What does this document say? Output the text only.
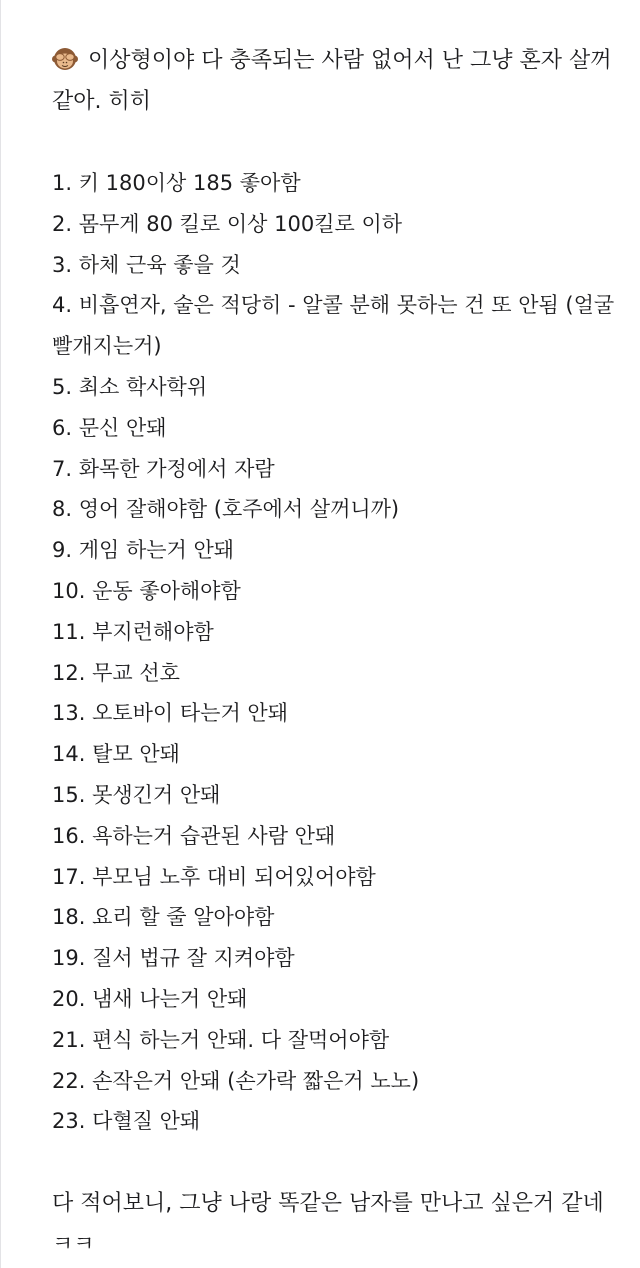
이상형이야 다 충족되는 사람 없어서 난 그냥 혼자 살꺼 같아. 히히

1. 키 180이상 185 좋아함
2. 몸무게 80 킬로 이상 100킬로 이하
3. 하체 근육 좋을 것
4. 비흡연자, 술은 적당히 - 알콜 분해 못하는 건 또 안됨 (얼굴 빨개지는거)
5. 최소 학사학위
6. 문신 안돼
7. 화목한 가정에서 자람
8. 영어 잘해야함 (호주에서 살꺼니까)
9. 게임 하는거 안돼
10. 운동 좋아해야함
11. 부지런해야함
12. 무교 선호
13. 오토바이 타는거 안돼
14. 탈모 안돼
15. 못생긴거 안돼
16. 욕하는거 습관된 사람 안돼
17. 부모님 노후 대비 되어있어야함
18. 요리 할 줄 알아야함
19. 질서 법규 잘 지켜야함
20. 냄새 나는거 안돼
21. 편식 하는거 안돼. 다 잘먹어야함
22. 손작은거 안돼 (손가락 짧은거 노노)
23. 다혈질 안돼

다 적어보니, 그냥 나랑 똑같은 남자를 만나고 싶은거 같네 ㅋㅋ
